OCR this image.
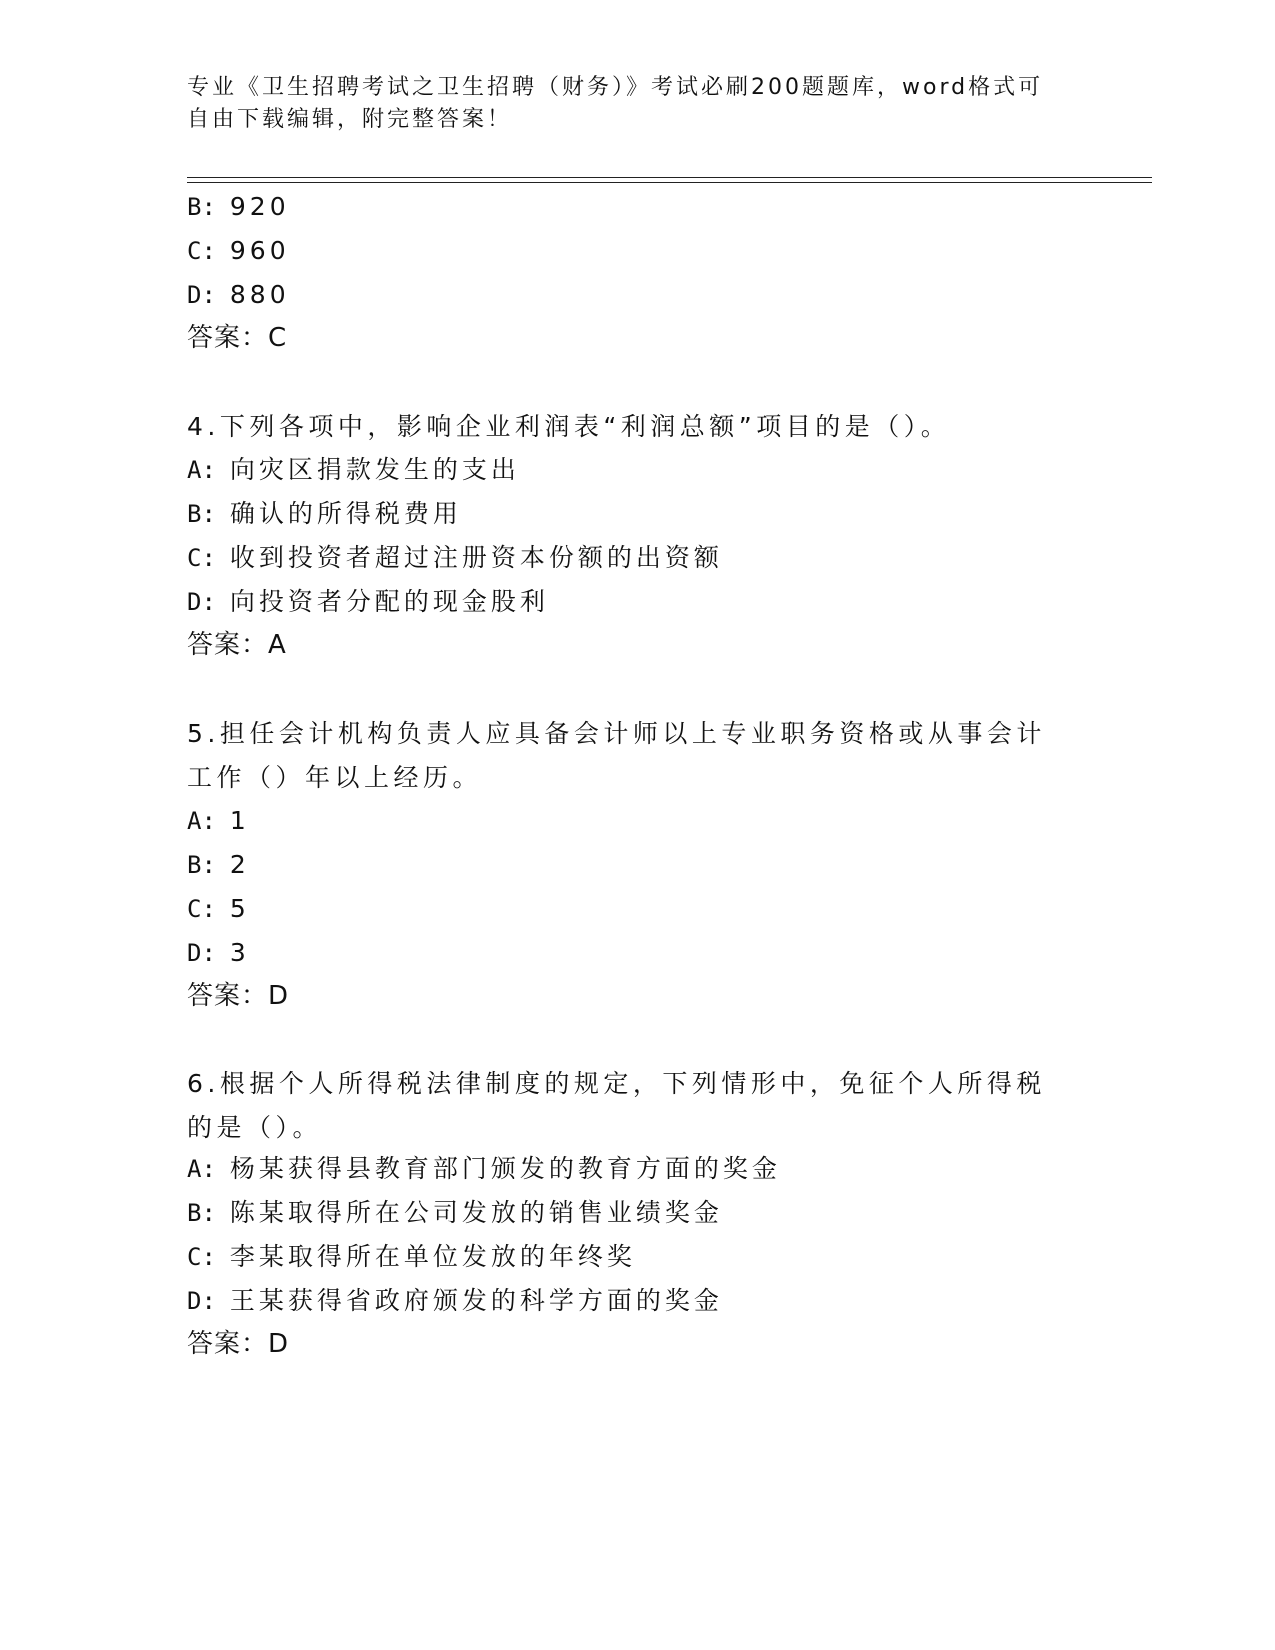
专业《卫生招聘考试之卫生招聘（财务）》考试必刷200题题库，word格式可自由下载编辑，附完整答案！
B: 920
C: 960
D: 880
答案：C
4.下列各项中，影响企业利润表“利润总额”项目的是（）。
A: 向灾区捐款发生的支出
B: 确认的所得税费用
C: 收到投资者超过注册资本份额的出资额
D: 向投资者分配的现金股利
答案：A
5.担任会计机构负责人应具备会计师以上专业职务资格或从事会计工作（）年以上经历。
A: 1
B: 2
C: 5
D: 3
答案：D
6.根据个人所得税法律制度的规定，下列情形中，免征个人所得税的是（）。
A: 杨某获得县教育部门颁发的教育方面的奖金
B: 陈某取得所在公司发放的销售业绩奖金
C: 李某取得所在单位发放的年终奖
D: 王某获得省政府颁发的科学方面的奖金
答案：D
